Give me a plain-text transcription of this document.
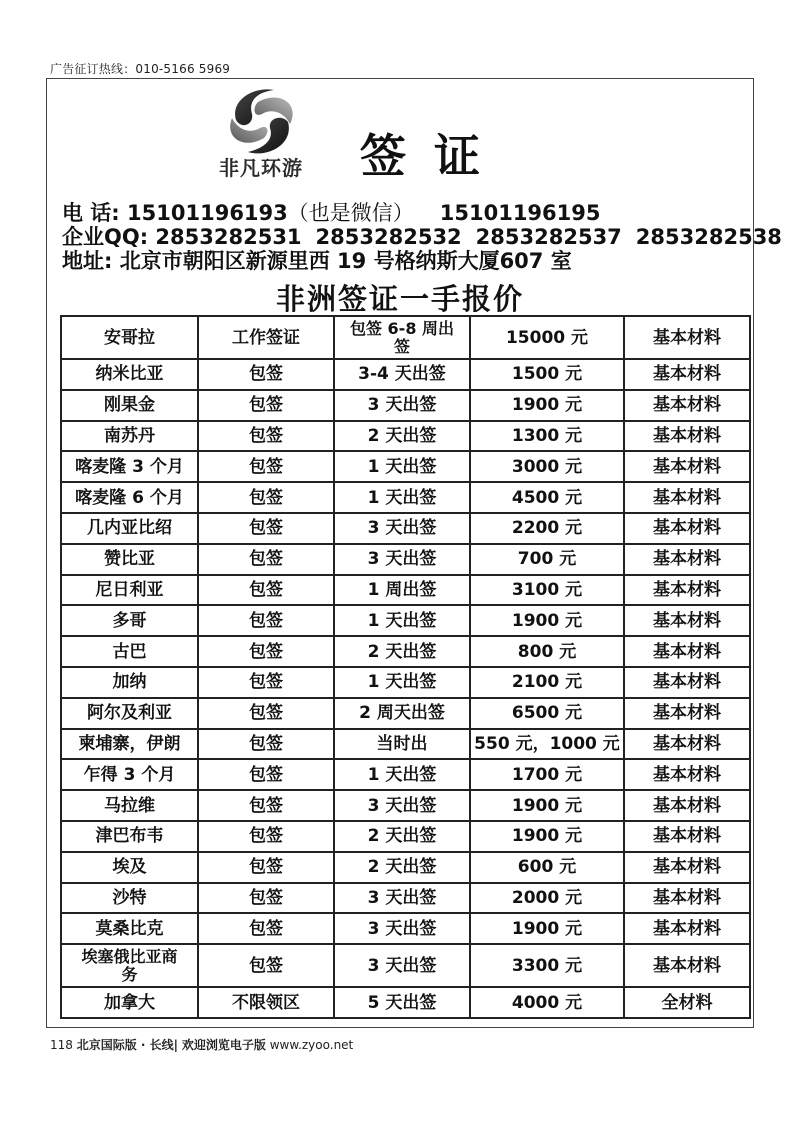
广告征订热线：010-5166 5969
非凡环游 签证
电 话: 15101196193（也是微信） 15101196195
企业QQ: 2853282531 2853282532 2853282537 2853282538
地址: 北京市朝阳区新源里西 19 号格纳斯大厦607 室
非洲签证一手报价
安哥拉	工作签证	包签 6-8 周出签	15000 元	基本材料
纳米比亚	包签	3-4 天出签	1500 元	基本材料
刚果金	包签	3 天出签	1900 元	基本材料
南苏丹	包签	2 天出签	1300 元	基本材料
喀麦隆 3 个月	包签	1 天出签	3000 元	基本材料
喀麦隆 6 个月	包签	1 天出签	4500 元	基本材料
几内亚比绍	包签	3 天出签	2200 元	基本材料
赞比亚	包签	3 天出签	700 元	基本材料
尼日利亚	包签	1 周出签	3100 元	基本材料
多哥	包签	1 天出签	1900 元	基本材料
古巴	包签	2 天出签	800 元	基本材料
加纳	包签	1 天出签	2100 元	基本材料
阿尔及利亚	包签	2 周天出签	6500 元	基本材料
柬埔寨，伊朗	包签	当时出	550 元，1000 元	基本材料
乍得 3 个月	包签	1 天出签	1700 元	基本材料
马拉维	包签	3 天出签	1900 元	基本材料
津巴布韦	包签	2 天出签	1900 元	基本材料
埃及	包签	2 天出签	600 元	基本材料
沙特	包签	3 天出签	2000 元	基本材料
莫桑比克	包签	3 天出签	1900 元	基本材料
埃塞俄比亚商务	包签	3 天出签	3300 元	基本材料
加拿大	不限领区	5 天出签	4000 元	全材料
118 北京国际版 · 长线| 欢迎浏览电子版 www.zyoo.net
